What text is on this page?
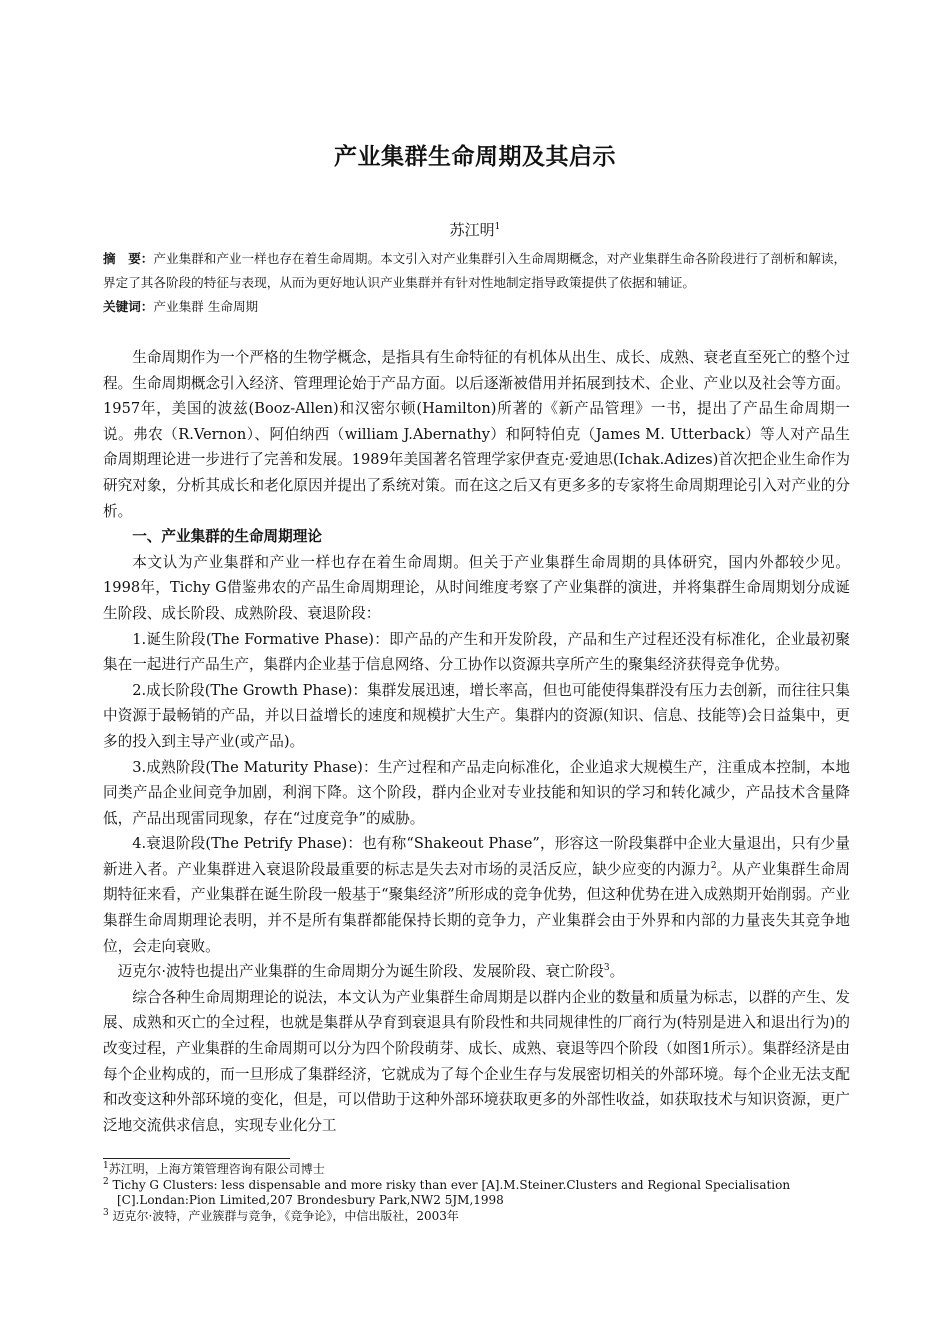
产业集群生命周期及其启示
苏江明$^1$
摘　要：产业集群和产业一样也存在着生命周期。本文引入对产业集群引入生命周期概念，对产业集群生命各阶段进行了剖析和解读，界定了其各阶段的特征与表现，从而为更好地认识产业集群并有针对性地制定指导政策提供了依据和辅证。
关键词：产业集群 生命周期

生命周期作为一个严格的生物学概念，是指具有生命特征的有机体从出生、成长、成熟、衰老直至死亡的整个过程。生命周期概念引入经济、管理理论始于产品方面。以后逐渐被借用并拓展到技术、企业、产业以及社会等方面。1957年，美国的波兹(Booz-Allen)和汉密尔顿(Hamilton)所著的《新产品管理》一书，提出了产品生命周期一说。弗农（R.Vernon）、阿伯纳西（william J.Abernathy）和阿特伯克（James M. Utterback）等人对产品生命周期理论进一步进行了完善和发展。1989年美国著名管理学家伊查克·爱迪思(Ichak.Adizes)首次把企业生命作为研究对象，分析其成长和老化原因并提出了系统对策。而在这之后又有更多多的专家将生命周期理论引入对产业的分析。

一、产业集群的生命周期理论

本文认为产业集群和产业一样也存在着生命周期。但关于产业集群生命周期的具体研究，国内外都较少见。1998年，Tichy G借鉴弗农的产品生命周期理论，从时间维度考察了产业集群的演进，并将集群生命周期划分成诞生阶段、成长阶段、成熟阶段、衰退阶段：

1.诞生阶段(The Formative Phase)：即产品的产生和开发阶段，产品和生产过程还没有标准化，企业最初聚集在一起进行产品生产，集群内企业基于信息网络、分工协作以资源共享所产生的聚集经济获得竞争优势。

2.成长阶段(The Growth Phase)：集群发展迅速，增长率高，但也可能使得集群没有压力去创新，而往往只集中资源于最畅销的产品，并以日益增长的速度和规模扩大生产。集群内的资源(知识、信息、技能等)会日益集中，更多的投入到主导产业(或产品)。

3.成熟阶段(The Maturity Phase)：生产过程和产品走向标准化，企业追求大规模生产，注重成本控制，本地同类产品企业间竞争加剧，利润下降。这个阶段，群内企业对专业技能和知识的学习和转化减少，产品技术含量降低，产品出现雷同现象，存在“过度竞争”的威胁。

4.衰退阶段(The Petrify Phase)：也有称“Shakeout Phase”，形容这一阶段集群中企业大量退出，只有少量新进入者。产业集群进入衰退阶段最重要的标志是失去对市场的灵活反应，缺少应变的内源力$^2$。从产业集群生命周期特征来看，产业集群在诞生阶段一般基于“聚集经济”所形成的竞争优势，但这种优势在进入成熟期开始削弱。产业集群生命周期理论表明，并不是所有集群都能保持长期的竞争力，产业集群会由于外界和内部的力量丧失其竞争地位，会走向衰败。

迈克尔·波特也提出产业集群的生命周期分为诞生阶段、发展阶段、衰亡阶段$^3$。

综合各种生命周期理论的说法，本文认为产业集群生命周期是以群内企业的数量和质量为标志，以群的产生、发展、成熟和灭亡的全过程，也就是集群从孕育到衰退具有阶段性和共同规律性的厂商行为(特别是进入和退出行为)的改变过程，产业集群的生命周期可以分为四个阶段萌芽、成长、成熟、衰退等四个阶段（如图1所示）。集群经济是由每个企业构成的，而一旦形成了集群经济，它就成为了每个企业生存与发展密切相关的外部环境。每个企业无法支配和改变这种外部环境的变化，但是，可以借助于这种外部环境获取更多的外部性收益，如获取技术与知识资源，更广泛地交流供求信息，实现专业化分工

$^1$苏江明，上海方策管理咨询有限公司博士

$^2$ Tichy G Clusters: less dispensable and more risky than ever [A].M.Steiner.Clusters and Regional Specialisation [C].Londan:Pion Limited,207 Brondesbury Park,NW2 5JM,1998

$^3$ 迈克尔·波特，产业簇群与竞争，《竞争论》，中信出版社，2003年
